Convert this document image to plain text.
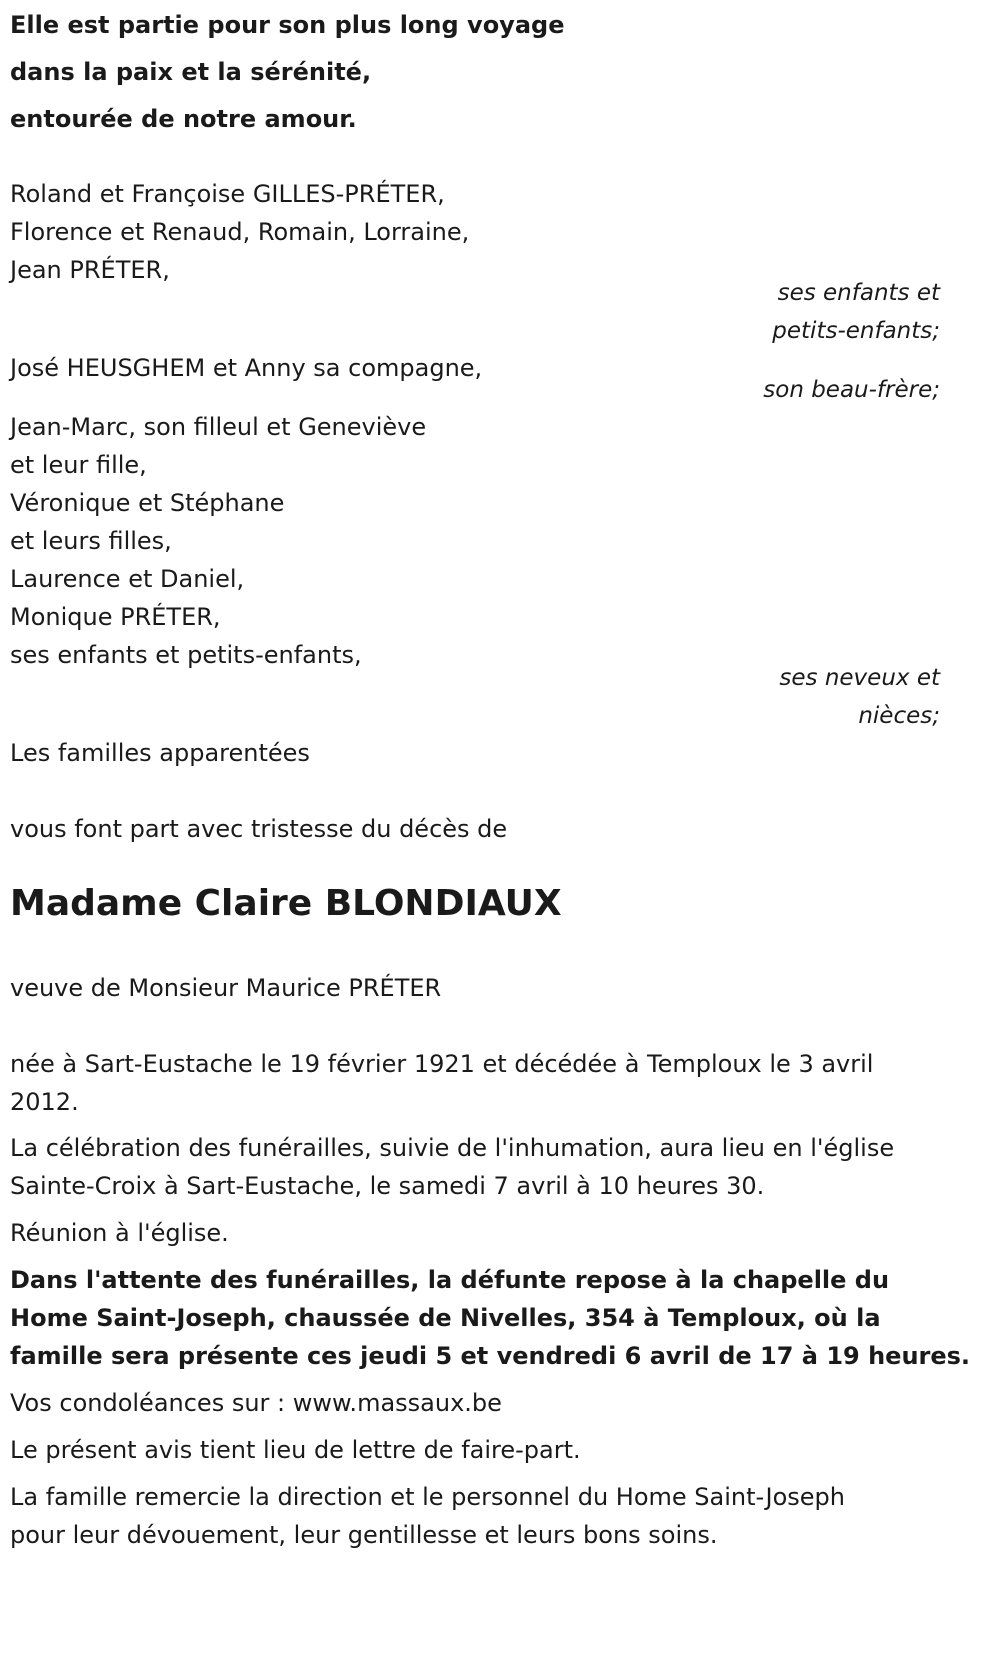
Elle est partie pour son plus long voyage
dans la paix et la sérénité,
entourée de notre amour.
Roland et Françoise GILLES-PRÉTER,
Florence et Renaud, Romain, Lorraine,
Jean PRÉTER,
ses enfants et
petits-enfants;
José HEUSGHEM et Anny sa compagne,
son beau-frère;
Jean-Marc, son filleul et Geneviève
et leur fille,
Véronique et Stéphane
et leurs filles,
Laurence et Daniel,
Monique PRÉTER,
ses enfants et petits-enfants,
ses neveux et
nièces;
Les familles apparentées
vous font part avec tristesse du décès de
Madame Claire BLONDIAUX
veuve de Monsieur Maurice PRÉTER
née à Sart-Eustache le 19 février 1921 et décédée à Temploux le 3 avril
2012.
La célébration des funérailles, suivie de l'inhumation, aura lieu en l'église
Sainte-Croix à Sart-Eustache, le samedi 7 avril à 10 heures 30.
Réunion à l'église.
Dans l'attente des funérailles, la défunte repose à la chapelle du
Home Saint-Joseph, chaussée de Nivelles, 354 à Temploux, où la
famille sera présente ces jeudi 5 et vendredi 6 avril de 17 à 19 heures.
Vos condoléances sur : www.massaux.be
Le présent avis tient lieu de lettre de faire-part.
La famille remercie la direction et le personnel du Home Saint-Joseph
pour leur dévouement, leur gentillesse et leurs bons soins.
